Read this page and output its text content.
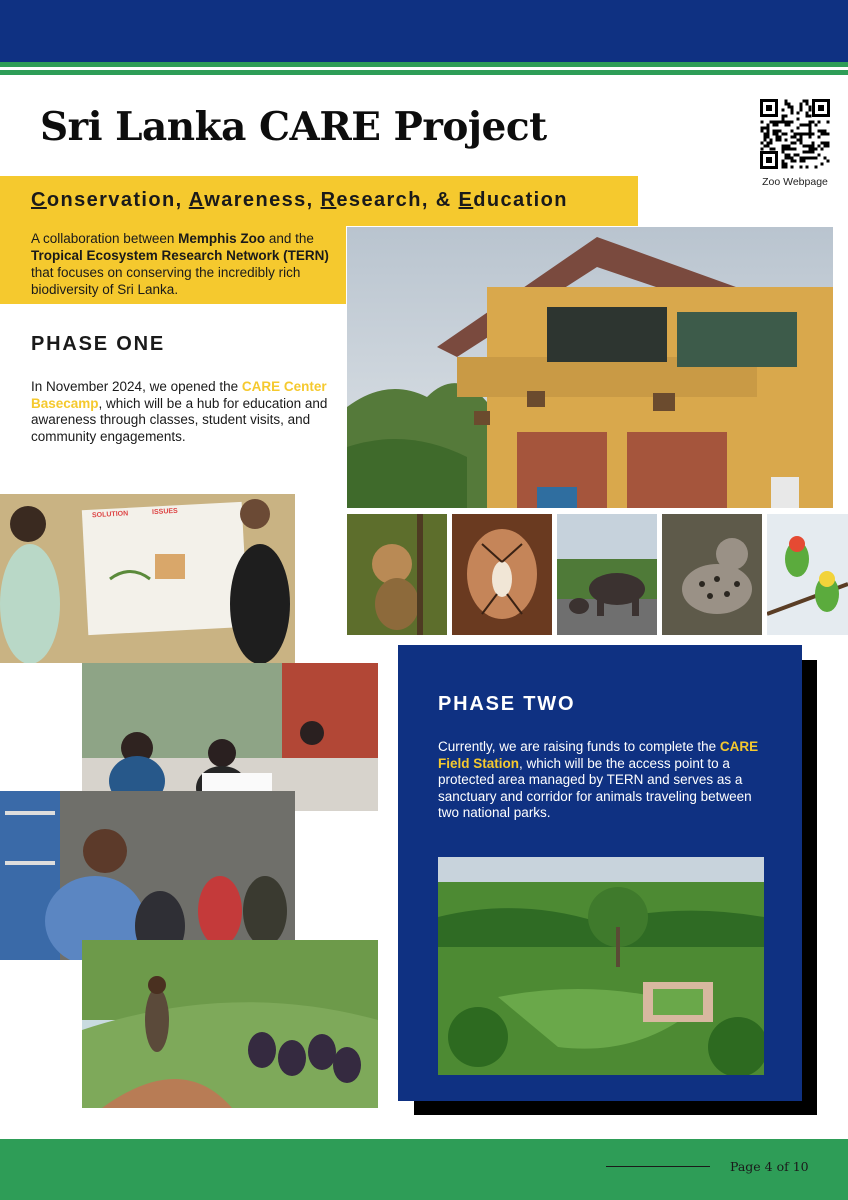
Sri Lanka CARE Project
Zoo Webpage
Conservation, Awareness, Research, & Education
A collaboration between Memphis Zoo and the Tropical Ecosystem Research Network (TERN) that focuses on conserving the incredibly rich biodiversity of Sri Lanka.
PHASE ONE
In November 2024, we opened the CARE Center Basecamp, which will be a hub for education and awareness through classes, student visits, and community engagements.
SOLUTION	ISSUES
PHASE TWO
Currently, we are raising funds to complete the CARE Field Station, which will be the access point to a protected area managed by TERN and serves as a sanctuary and corridor for animals traveling between two national parks.
Page 4 of 10
